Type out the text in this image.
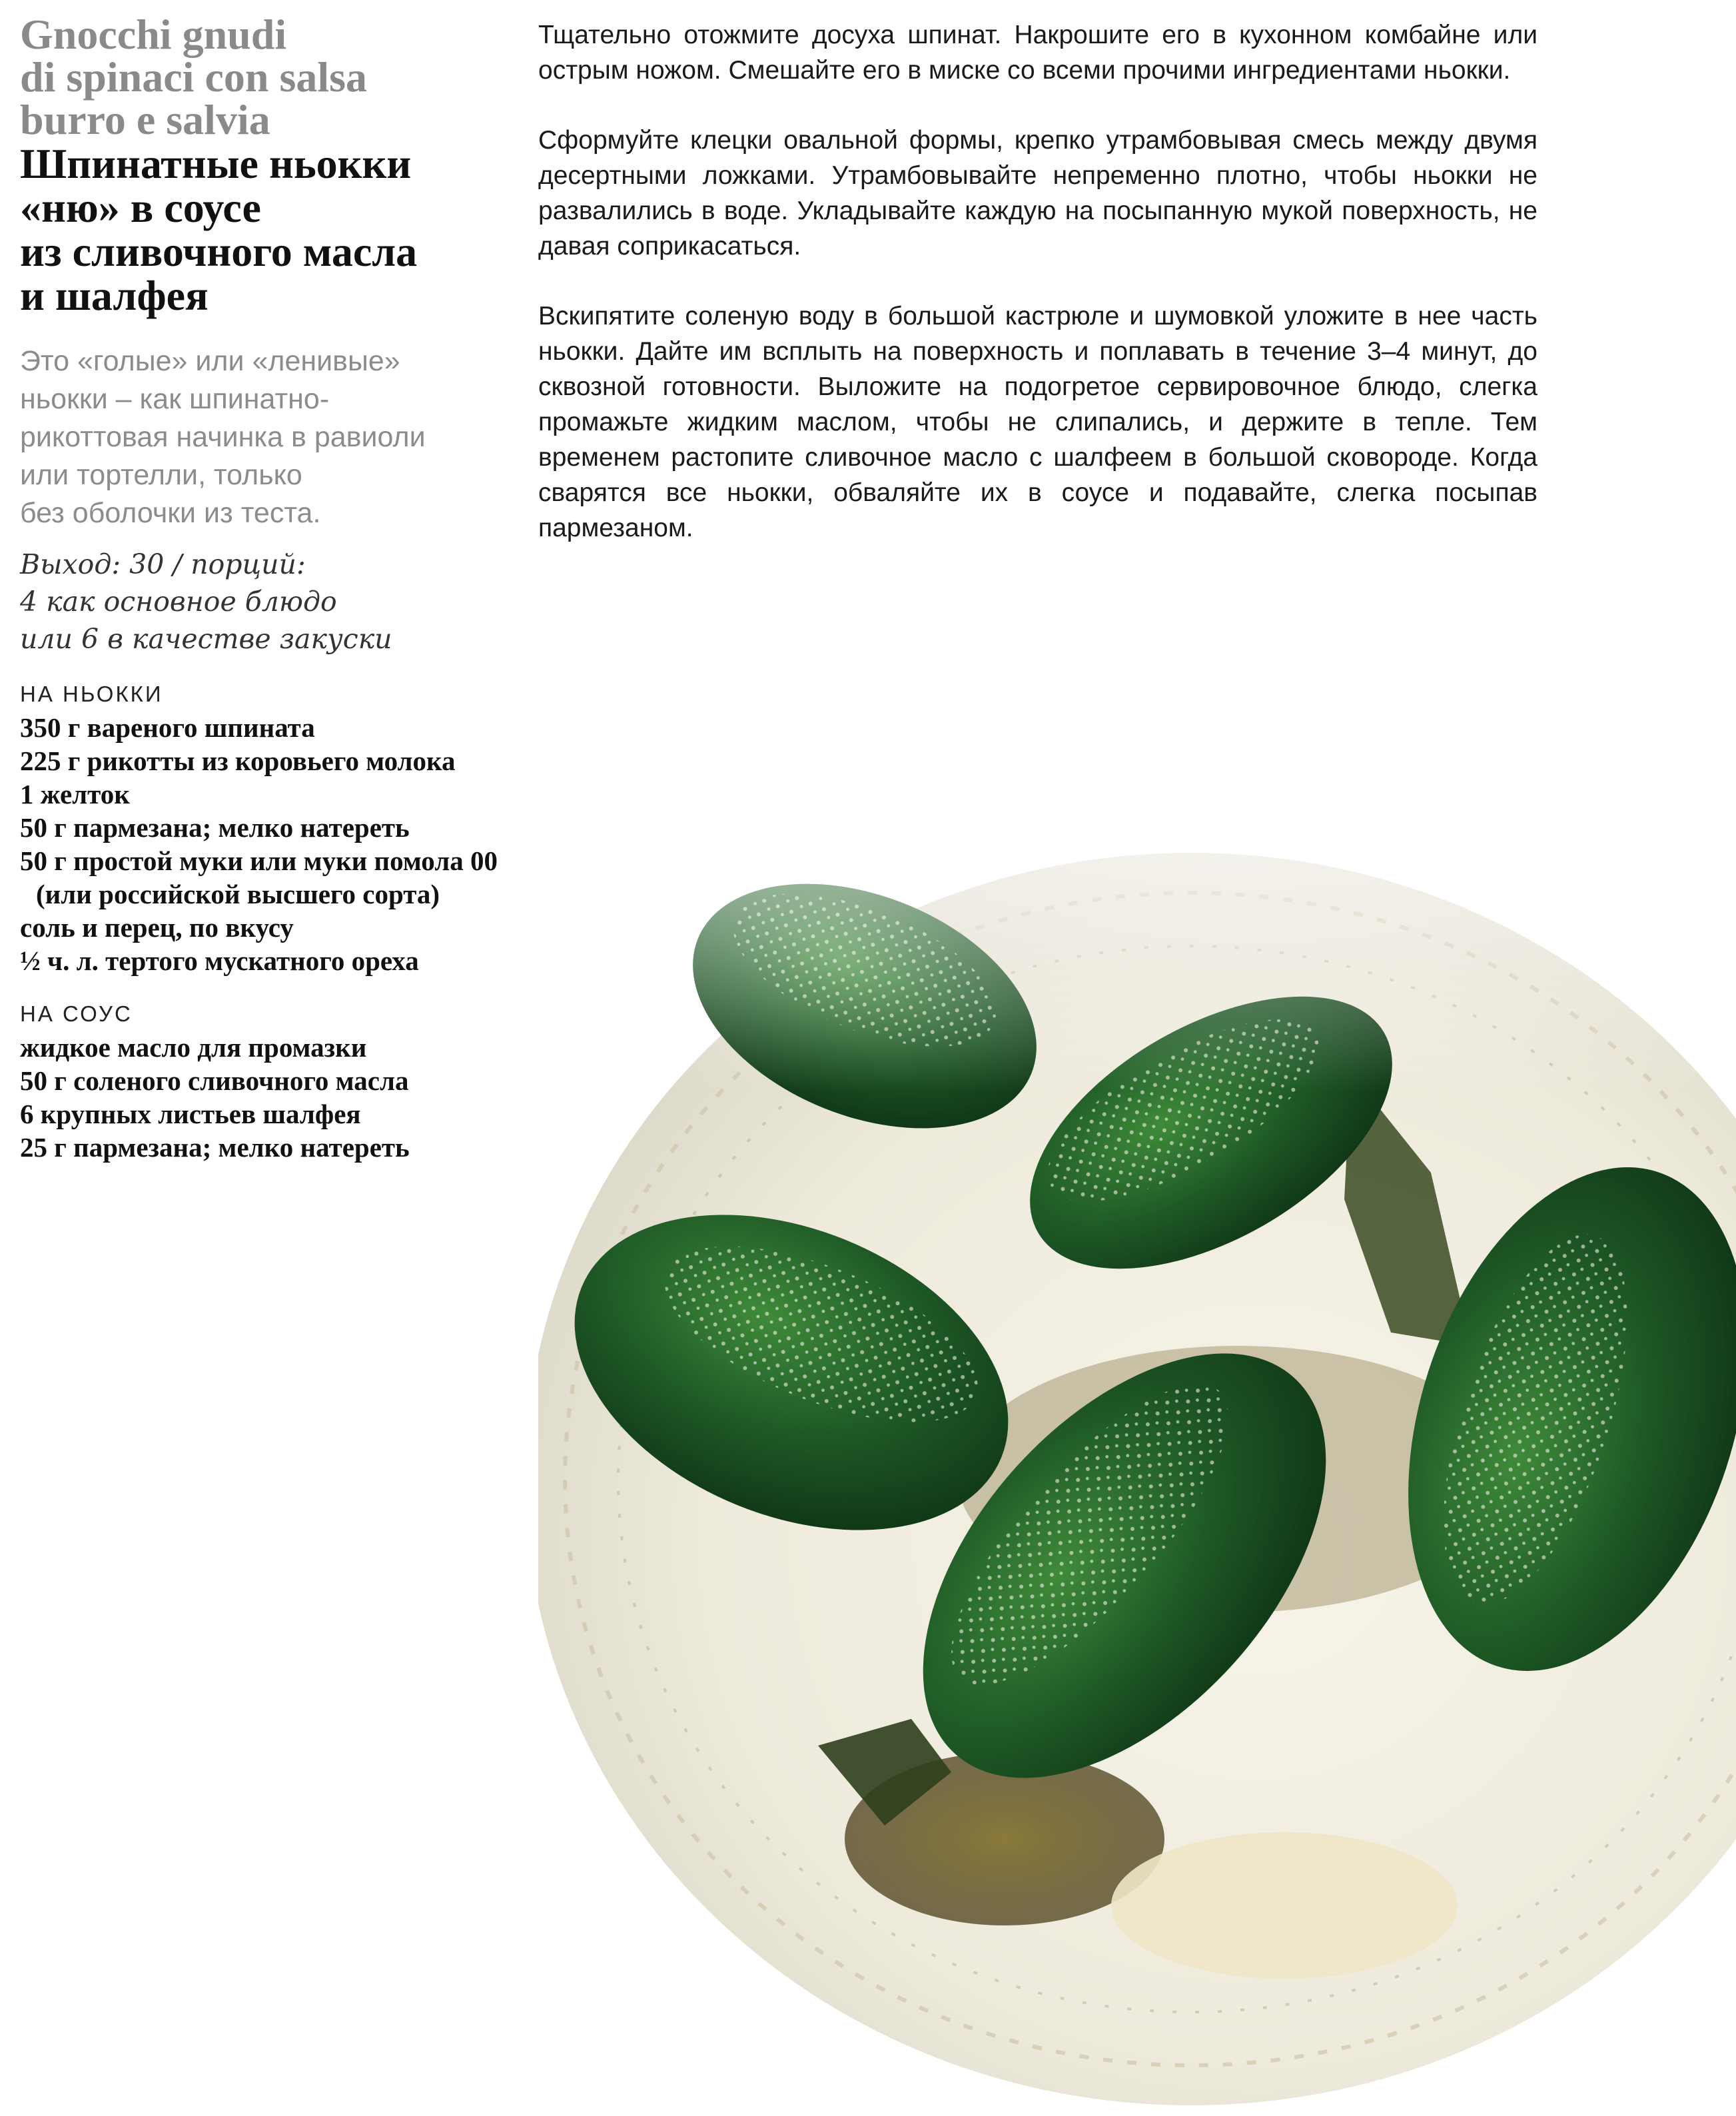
Gnocchi gnudi
di spinaci con salsa
burro e salvia
Шпинатные ньокки
«ню» в соусе
из сливочного масла
и шалфея
Это «голые» или «ленивые»
ньокки – как шпинатно-
рикоттовая начинка в равиоли
или тортелли, только
без оболочки из теста.
Выход: 30 / порций:
4 как основное блюдо
или 6 в качестве закуски
НА НЬОККИ
350 г вареного шпината
225 г рикотты из коровьего молока
1 желток
50 г пармезана; мелко натереть
50 г простой муки или муки помола 00 (или российской высшего сорта)
соль и перец, по вкусу
½ ч. л. тертого мускатного ореха
НА СОУС
жидкое масло для промазки
50 г соленого сливочного масла
6 крупных листьев шалфея
25 г пармезана; мелко натереть

Тщательно отожмите досуха шпинат. Накрошите его в кухонном комбайне или острым ножом. Смешайте его в миске со всеми прочими ингредиентами ньокки.

Сформуйте клецки овальной формы, крепко утрамбовывая смесь между двумя десертными ложками. Утрамбовывайте непременно плотно, чтобы ньокки не развалились в воде. Укладывайте каждую на посыпанную мукой поверхность, не давая соприкасаться.

Вскипятите соленую воду в большой кастрюле и шумовкой уложите в нее часть ньокки. Дайте им всплыть на поверхность и поплавать в течение 3–4 минут, до сквозной готовности. Выложите на подогретое сервировочное блюдо, слегка промажьте жидким маслом, чтобы не слипались, и держите в тепле. Тем временем растопите сливочное масло с шалфеем в большой сковороде. Когда сварятся все ньокки, обваляйте их в соусе и подавайте, слегка посыпав пармезаном.
